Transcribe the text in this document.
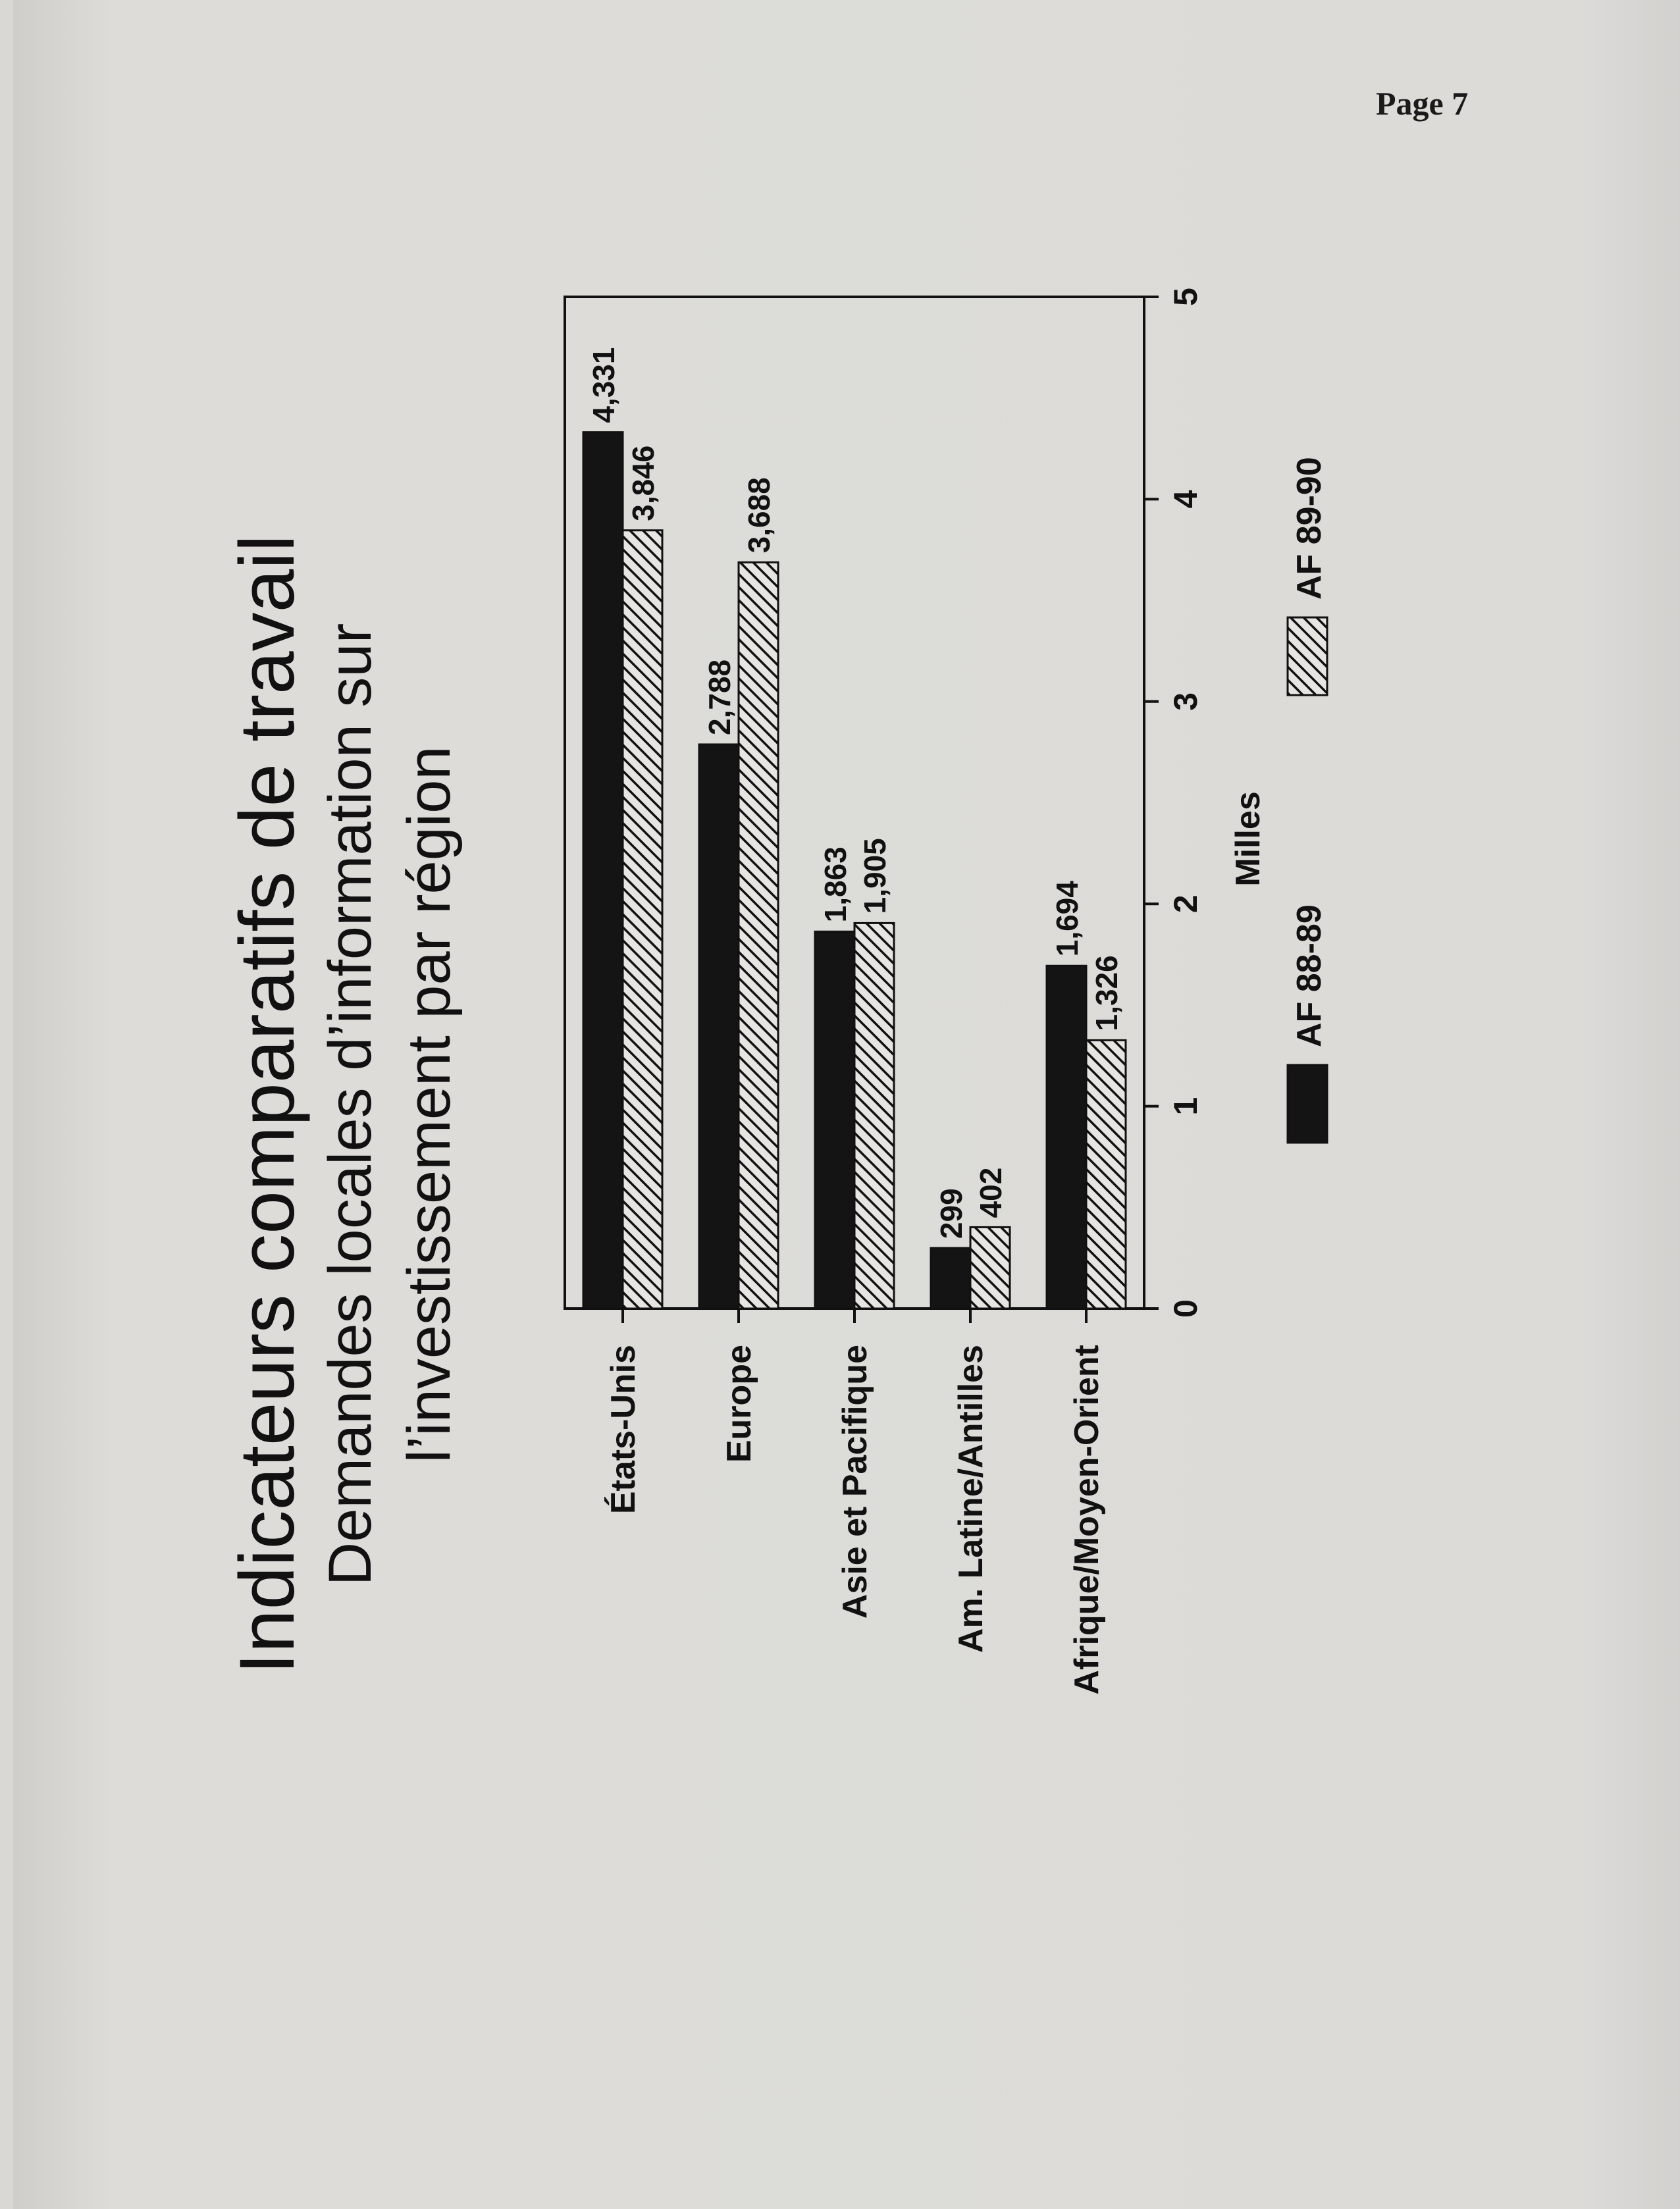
Page 7
Indicateurs comparatifs de travail Demandes locales d’information sur l’investissement par région	0
1
2
3
4
5
Milles
États-Unis
4,331
3,846
Europe
2,788
3,688
Asie et Pacifique
1,863 1,905
Am. Latine/Antilles
299 402
Afrique/Moyen-Orient
1,694
1,326	AF 88-89
AF 89-90
